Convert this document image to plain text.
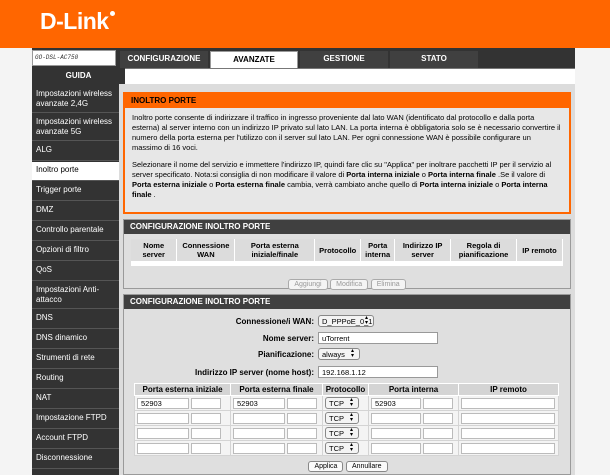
D-Link
GO-DSL-AC750	CONFIGURAZIONE	AVANZATE	GESTIONE	STATO
GUIDA
Impostazioni wireless avanzate 2,4G
Impostazioni wireless avanzate 5G
ALG
Inoltro porte
Trigger porte
DMZ
Controllo parentale
Opzioni di filtro
QoS
Impostazioni Anti-attacco
DNS
DNS dinamico
Strumenti di rete
Routing
NAT
Impostazione FTPD
Account FTPD
Disconnessione
INOLTRO PORTE

Inoltro porte consente di indirizzare il traffico in ingresso proveniente dal lato WAN (identificato dal protocollo e dalla porta esterna) al server interno con un indirizzo IP privato sul lato LAN. La porta interna è obbligatoria solo se è necessario convertire il numero della porta esterna per l'utilizzo con il server sul lato LAN. Per ogni connessione WAN è possibile configurare un massimo di 16 voci.

Selezionare il nome del servizio e immettere l'indirizzo IP, quindi fare clic su "Applica" per inoltrare pacchetti IP per il servizio al server specificato. Nota:si consiglia di non modificare il valore di Porta interna iniziale o Porta interna finale .Se il valore di Porta esterna iniziale o Porta esterna finale cambia, verrà cambiato anche quello di Porta interna iniziale o Porta interna finale .

CONFIGURAZIONE INOLTRO PORTE
Nome server	Connessione WAN	Porta esterna iniziale/finale	Protocollo	Porta interna	Indirizzo IP server	Regola di pianificazione	IP remoto

Aggiungi Modifica Elimina
CONFIGURAZIONE INOLTRO PORTE
Connessione/i WAN:	D_PPPoE_0_1 ▴▾
Nome server:	uTorrent
Pianificazione:	always ▴▾
Indirizzo IP server (nome host):	192.168.1.12
Porta esterna iniziale	Porta esterna finale	Protocollo	Porta interna	IP remoto

52903	52903	TCP ▴▾	52903	

		TCP ▴▾

		TCP ▴▾

		TCP ▴▾

Applica Annullare
